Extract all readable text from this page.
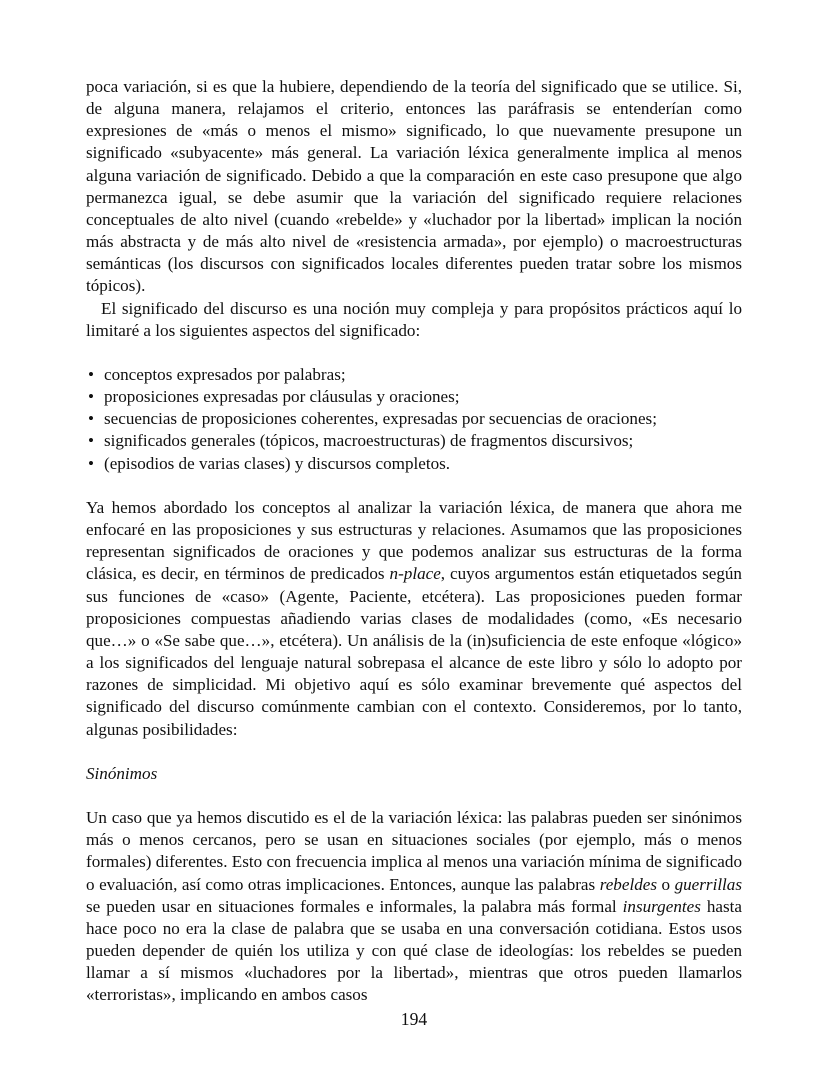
poca variación, si es que la hubiere, dependiendo de la teoría del significado que se utilice. Si, de alguna manera, relajamos el criterio, entonces las paráfrasis se entenderían como expresiones de «más o menos el mismo» significado, lo que nuevamente presupone un significado «subyacente» más general. La variación léxica generalmente implica al menos alguna variación de significado. Debido a que la comparación en este caso presupone que algo permanezca igual, se debe asumir que la variación del significado requiere relaciones conceptuales de alto nivel (cuando «rebelde» y «luchador por la libertad» implican la noción más abstracta y de más alto nivel de «resistencia armada», por ejemplo) o macroestructuras semánticas (los discursos con significados locales diferentes pueden tratar sobre los mismos tópicos).

El significado del discurso es una noción muy compleja y para propósitos prácticos aquí lo limitaré a los siguientes aspectos del significado:

• conceptos expresados por palabras;
• proposiciones expresadas por cláusulas y oraciones;
• secuencias de proposiciones coherentes, expresadas por secuencias de oraciones;
• significados generales (tópicos, macroestructuras) de fragmentos discursivos;
• (episodios de varias clases) y discursos completos.

Ya hemos abordado los conceptos al analizar la variación léxica, de manera que ahora me enfocaré en las proposiciones y sus estructuras y relaciones. Asumamos que las proposiciones representan significados de oraciones y que podemos analizar sus estructuras de la forma clásica, es decir, en términos de predicados n-place, cuyos argumentos están etiquetados según sus funciones de «caso» (Agente, Paciente, etcétera). Las proposiciones pueden formar proposiciones compuestas añadiendo varias clases de modalidades (como, «Es necesario que…» o «Se sabe que…», etcétera). Un análisis de la (in)suficiencia de este enfoque «lógico» a los significados del lenguaje natural sobrepasa el alcance de este libro y sólo lo adopto por razones de simplicidad. Mi objetivo aquí es sólo examinar brevemente qué aspectos del significado del discurso comúnmente cambian con el contexto. Consideremos, por lo tanto, algunas posibilidades:

Sinónimos

Un caso que ya hemos discutido es el de la variación léxica: las palabras pueden ser sinónimos más o menos cercanos, pero se usan en situaciones sociales (por ejemplo, más o menos formales) diferentes. Esto con frecuencia implica al menos una variación mínima de significado o evaluación, así como otras implicaciones. Entonces, aunque las palabras rebeldes o guerrillas se pueden usar en situaciones formales e informales, la palabra más formal insurgentes hasta hace poco no era la clase de palabra que se usaba en una conversación cotidiana. Estos usos pueden depender de quién los utiliza y con qué clase de ideologías: los rebeldes se pueden llamar a sí mismos «luchadores por la libertad», mientras que otros pueden llamarlos «terroristas», implicando en ambos casos

194
